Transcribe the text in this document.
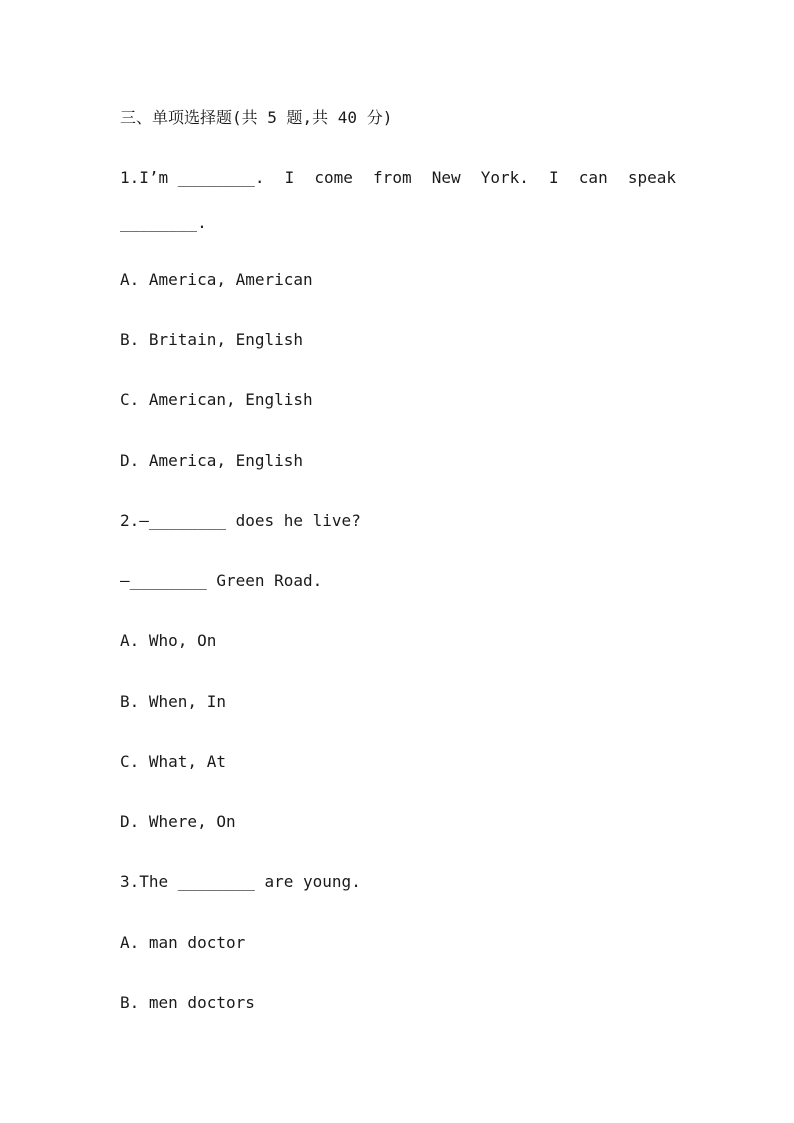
三、单项选择题(共 5 题,共 40 分)
1.I’m ________. I come from New York. I can speak
________.
A. America, American
B. Britain, English
C. American, English
D. America, English
2.—________ does he live?
—________ Green Road.
A. Who, On
B. When, In
C. What, At
D. Where, On
3.The ________ are young.
A. man doctor
B. men doctors
